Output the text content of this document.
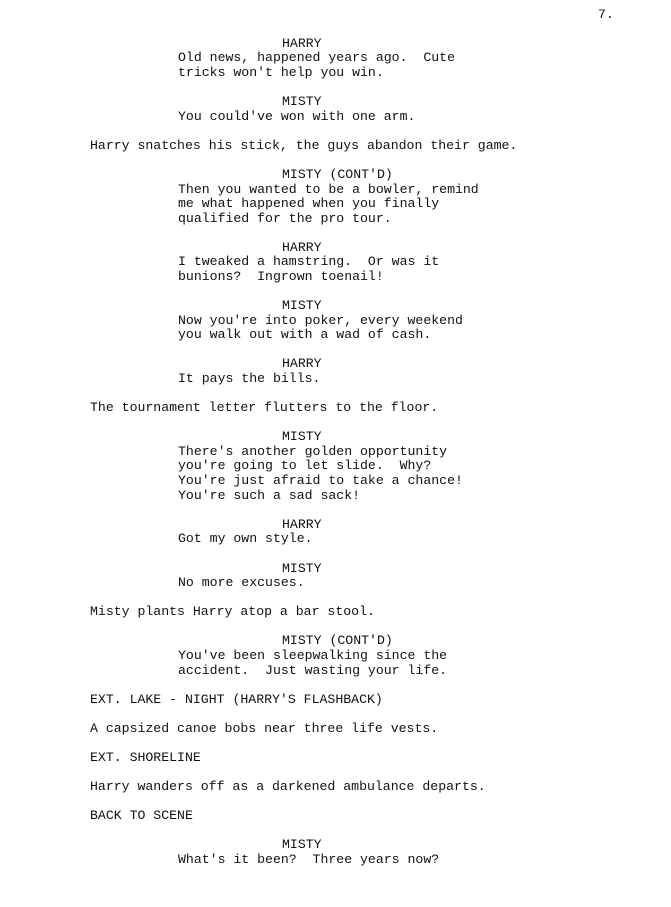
7.
HARRY
Old news, happened years ago.  Cute
tricks won't help you win.
MISTY
You could've won with one arm.
Harry snatches his stick, the guys abandon their game.
MISTY (CONT'D)
Then you wanted to be a bowler, remind
me what happened when you finally
qualified for the pro tour.
HARRY
I tweaked a hamstring.  Or was it
bunions?  Ingrown toenail!
MISTY
Now you're into poker, every weekend
you walk out with a wad of cash.
HARRY
It pays the bills.
The tournament letter flutters to the floor.
MISTY
There's another golden opportunity
you're going to let slide.  Why?
You're just afraid to take a chance!
You're such a sad sack!
HARRY
Got my own style.
MISTY
No more excuses.
Misty plants Harry atop a bar stool.
MISTY (CONT'D)
You've been sleepwalking since the
accident.  Just wasting your life.
EXT. LAKE - NIGHT (HARRY'S FLASHBACK)
A capsized canoe bobs near three life vests.
EXT. SHORELINE
Harry wanders off as a darkened ambulance departs.
BACK TO SCENE
MISTY
What's it been?  Three years now?
